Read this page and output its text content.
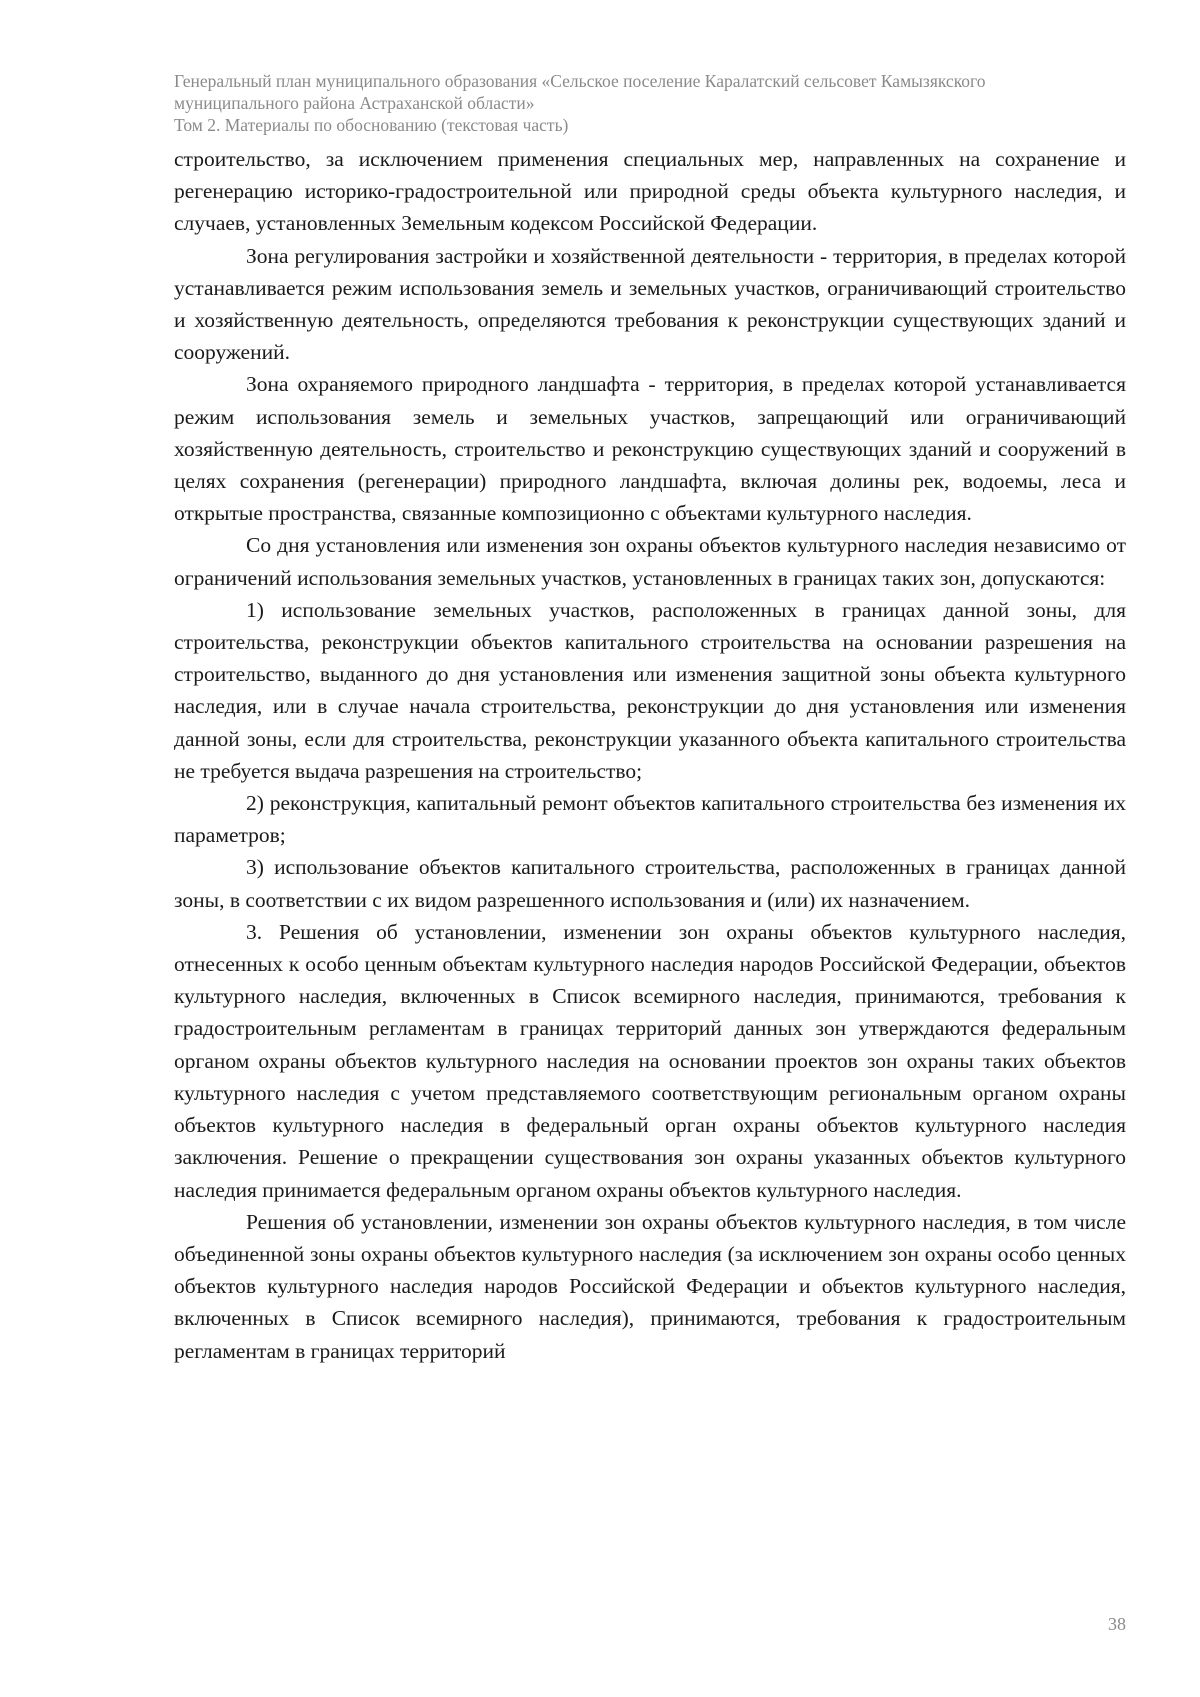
Генеральный план муниципального образования «Сельское поселение Каралатский сельсовет Камызякского
муниципального района Астраханской области»
Том 2. Материалы по обоснованию (текстовая часть)

строительство, за исключением применения специальных мер, направленных на сохранение и регенерацию историко-градостроительной или природной среды объекта культурного наследия, и случаев, установленных Земельным кодексом Российской Федерации.

Зона регулирования застройки и хозяйственной деятельности - территория, в пределах которой устанавливается режим использования земель и земельных участков, ограничивающий строительство и хозяйственную деятельность, определяются требования к реконструкции существующих зданий и сооружений.

Зона охраняемого природного ландшафта - территория, в пределах которой устанавливается режим использования земель и земельных участков, запрещающий или ограничивающий хозяйственную деятельность, строительство и реконструкцию существующих зданий и сооружений в целях сохранения (регенерации) природного ландшафта, включая долины рек, водоемы, леса и открытые пространства, связанные композиционно с объектами культурного наследия.

Со дня установления или изменения зон охраны объектов культурного наследия независимо от ограничений использования земельных участков, установленных в границах таких зон, допускаются:

1) использование земельных участков, расположенных в границах данной зоны, для строительства, реконструкции объектов капитального строительства на основании разрешения на строительство, выданного до дня установления или изменения защитной зоны объекта культурного наследия, или в случае начала строительства, реконструкции до дня установления или изменения данной зоны, если для строительства, реконструкции указанного объекта капитального строительства не требуется выдача разрешения на строительство;

2) реконструкция, капитальный ремонт объектов капитального строительства без изменения их параметров;

3) использование объектов капитального строительства, расположенных в границах данной зоны, в соответствии с их видом разрешенного использования и (или) их назначением.

3. Решения об установлении, изменении зон охраны объектов культурного наследия, отнесенных к особо ценным объектам культурного наследия народов Российской Федерации, объектов культурного наследия, включенных в Список всемирного наследия, принимаются, требования к градостроительным регламентам в границах территорий данных зон утверждаются федеральным органом охраны объектов культурного наследия на основании проектов зон охраны таких объектов культурного наследия с учетом представляемого соответствующим региональным органом охраны объектов культурного наследия в федеральный орган охраны объектов культурного наследия заключения. Решение о прекращении существования зон охраны указанных объектов культурного наследия принимается федеральным органом охраны объектов культурного наследия.

Решения об установлении, изменении зон охраны объектов культурного наследия, в том числе объединенной зоны охраны объектов культурного наследия (за исключением зон охраны особо ценных объектов культурного наследия народов Российской Федерации и объектов культурного наследия, включенных в Список всемирного наследия), принимаются, требования к градостроительным регламентам в границах территорий

38
